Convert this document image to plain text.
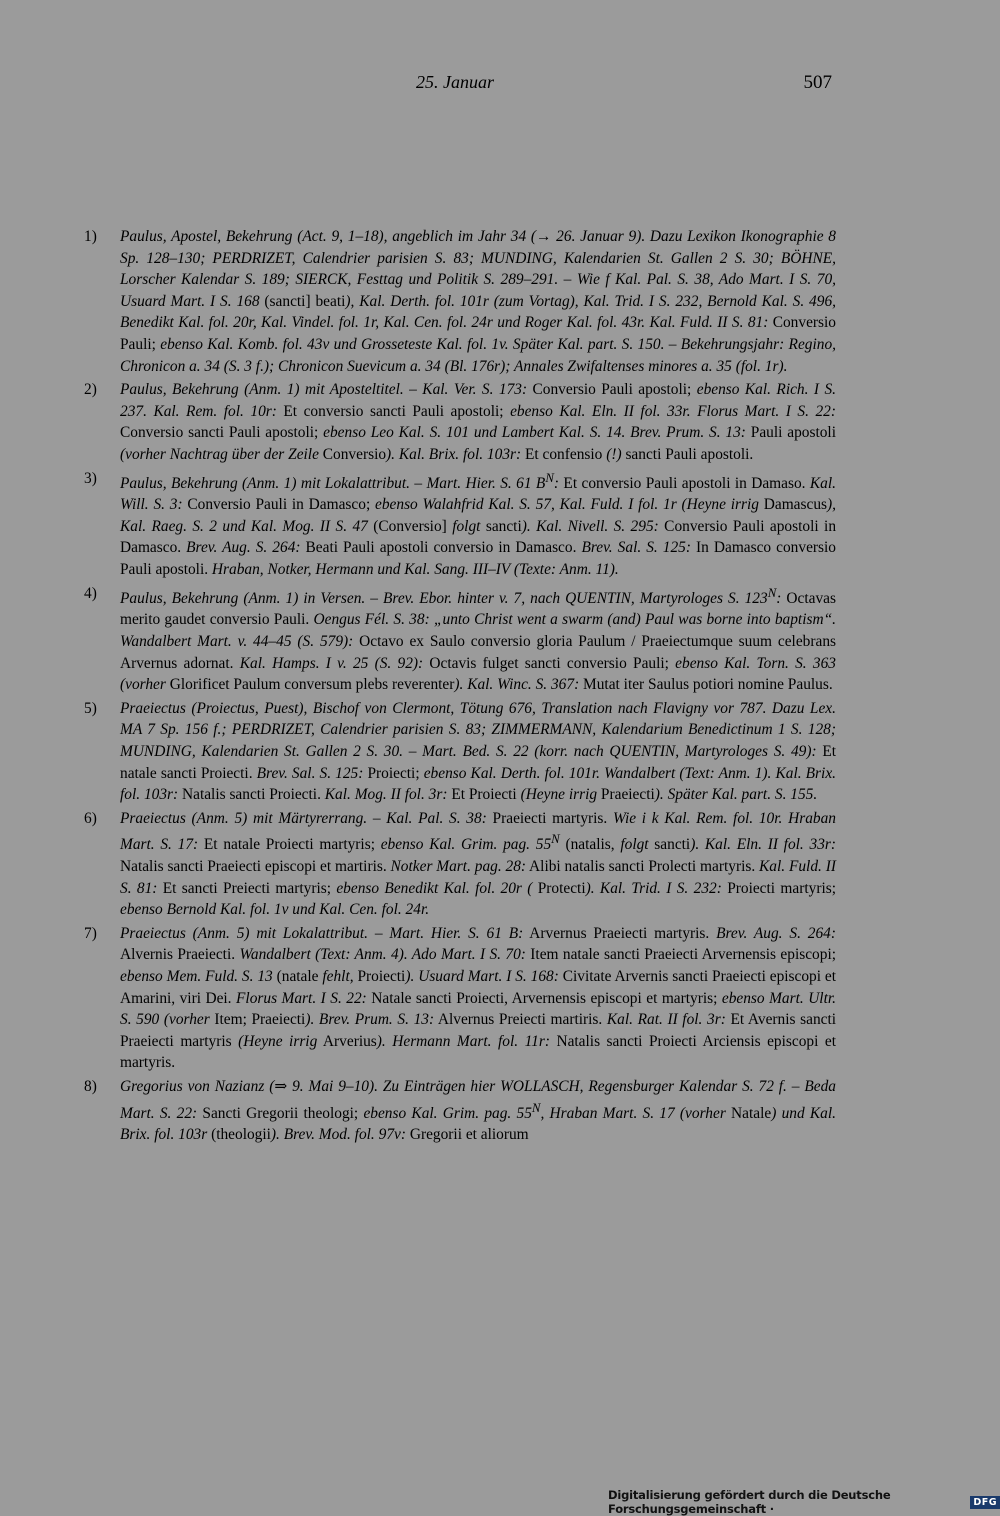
25. Januar	507
1)	Paulus, Apostel, Bekehrung (Act. 9, 1–18), angeblich im Jahr 34 (→ 26. Januar 9). Dazu Lexikon Ikonographie 8 Sp. 128–130; PERDRIZET, Calendrier parisien S. 83; MUNDING, Kalendarien St. Gallen 2 S. 30; BÖHNE, Lorscher Kalendar S. 189; SIERCK, Festtag und Politik S. 289–291. – Wie f Kal. Pal. S. 38, Ado Mart. I S. 70, Usuard Mart. I S. 168 (sancti] beati), Kal. Derth. fol. 101r (zum Vortag), Kal. Trid. I S. 232, Bernold Kal. S. 496, Benedikt Kal. fol. 20r, Kal. Vindel. fol. 1r, Kal. Cen. fol. 24r und Roger Kal. fol. 43r. Kal. Fuld. II S. 81: Conversio Pauli; ebenso Kal. Komb. fol. 43v und Grosseteste Kal. fol. 1v. Später Kal. part. S. 150. – Bekehrungsjahr: Regino, Chronicon a. 34 (S. 3 f.); Chronicon Suevicum a. 34 (Bl. 176r); Annales Zwifaltenses minores a. 35 (fol. 1r).
2)	Paulus, Bekehrung (Anm. 1) mit Aposteltitel. – Kal. Ver. S. 173: Conversio Pauli apostoli; ebenso Kal. Rich. I S. 237. Kal. Rem. fol. 10r: Et conversio sancti Pauli apostoli; ebenso Kal. Eln. II fol. 33r. Florus Mart. I S. 22: Conversio sancti Pauli apostoli; ebenso Leo Kal. S. 101 und Lambert Kal. S. 14. Brev. Prum. S. 13: Pauli apostoli (vorher Nachtrag über der Zeile Conversio). Kal. Brix. fol. 103r: Et confensio (!) sancti Pauli apostoli.
3)	Paulus, Bekehrung (Anm. 1) mit Lokalattribut. – Mart. Hier. S. 61 $B^N$: Et conversio Pauli apostoli in Damaso. Kal. Will. S. 3: Conversio Pauli in Damasco; ebenso Walahfrid Kal. S. 57, Kal. Fuld. I fol. 1r (Heyne irrig Damascus), Kal. Raeg. S. 2 und Kal. Mog. II S. 47 (Conversio] folgt sancti). Kal. Nivell. S. 295: Conversio Pauli apostoli in Damasco. Brev. Aug. S. 264: Beati Pauli apostoli conversio in Damasco. Brev. Sal. S. 125: In Damasco conversio Pauli apostoli. Hraban, Notker, Hermann und Kal. Sang. III–IV (Texte: Anm. 11).
4)	Paulus, Bekehrung (Anm. 1) in Versen. – Brev. Ebor. hinter v. 7, nach QUENTIN, Martyrologes S. $123^N$: Octavas merito gaudet conversio Pauli. Oengus Fél. S. 38: „unto Christ went a swarm (and) Paul was borne into baptism“. Wandalbert Mart. v. 44–45 (S. 579): Octavo ex Saulo conversio gloria Paulum / Praeiectumque suum celebrans Arvernus adornat. Kal. Hamps. I v. 25 (S. 92): Octavis fulget sancti conversio Pauli; ebenso Kal. Torn. S. 363 (vorher Glorificet Paulum conversum plebs reverenter). Kal. Winc. S. 367: Mutat iter Saulus potiori nomine Paulus.
5)	Praeiectus (Proiectus, Puest), Bischof von Clermont, Tötung 676, Translation nach Flavigny vor 787. Dazu Lex. MA 7 Sp. 156 f.; PERDRIZET, Calendrier parisien S. 83; ZIMMERMANN, Kalendarium Benedictinum 1 S. 128; MUNDING, Kalendarien St. Gallen 2 S. 30. – Mart. Bed. S. 22 (korr. nach QUENTIN, Martyrologes S. 49): Et natale sancti Proiecti. Brev. Sal. S. 125: Proiecti; ebenso Kal. Derth. fol. 101r. Wandalbert (Text: Anm. 1). Kal. Brix. fol. 103r: Natalis sancti Proiecti. Kal. Mog. II fol. 3r: Et Proiecti (Heyne irrig Praeiecti). Später Kal. part. S. 155.
6)	Praeiectus (Anm. 5) mit Märtyrerrang. – Kal. Pal. S. 38: Praeiecti martyris. Wie i k Kal. Rem. fol. 10r. Hraban Mart. S. 17: Et natale Proiecti martyris; ebenso Kal. Grim. pag. $55^N$ (natalis, folgt sancti). Kal. Eln. II fol. 33r: Natalis sancti Praeiecti episcopi et martiris. Notker Mart. pag. 28: Alibi natalis sancti Prolecti martyris. Kal. Fuld. II S. 81: Et sancti Preiecti martyris; ebenso Benedikt Kal. fol. 20r ( Protecti). Kal. Trid. I S. 232: Proiecti martyris; ebenso Bernold Kal. fol. 1v und Kal. Cen. fol. 24r.
7)	Praeiectus (Anm. 5) mit Lokalattribut. – Mart. Hier. S. 61 B: Arvernus Praeiecti martyris. Brev. Aug. S. 264: Alvernis Praeiecti. Wandalbert (Text: Anm. 4). Ado Mart. I S. 70: Item natale sancti Praeiecti Arvernensis episcopi; ebenso Mem. Fuld. S. 13 (natale fehlt, Proiecti). Usuard Mart. I S. 168: Civitate Arvernis sancti Praeiecti episcopi et Amarini, viri Dei. Florus Mart. I S. 22: Natale sancti Proiecti, Arvernensis episcopi et martyris; ebenso Mart. Ultr. S. 590 (vorher Item; Praeiecti). Brev. Prum. S. 13: Alvernus Preiecti martiris. Kal. Rat. II fol. 3r: Et Avernis sancti Praeiecti martyris (Heyne irrig Arverius). Hermann Mart. fol. 11r: Natalis sancti Proiecti Arciensis episcopi et martyris.
8)	Gregorius von Nazianz (⇒ 9. Mai 9–10). Zu Einträgen hier WOLLASCH, Regensburger Kalendar S. 72 f. – Beda Mart. S. 22: Sancti Gregorii theologi; ebenso Kal. Grim. pag. $55^N$, Hraban Mart. S. 17 (vorher Natale) und Kal. Brix. fol. 103r (theologii). Brev. Mod. fol. 97v: Gregorii et aliorum
Digitalisierung gefördert durch die Deutsche Forschungsgemeinschaft ·	DFG
